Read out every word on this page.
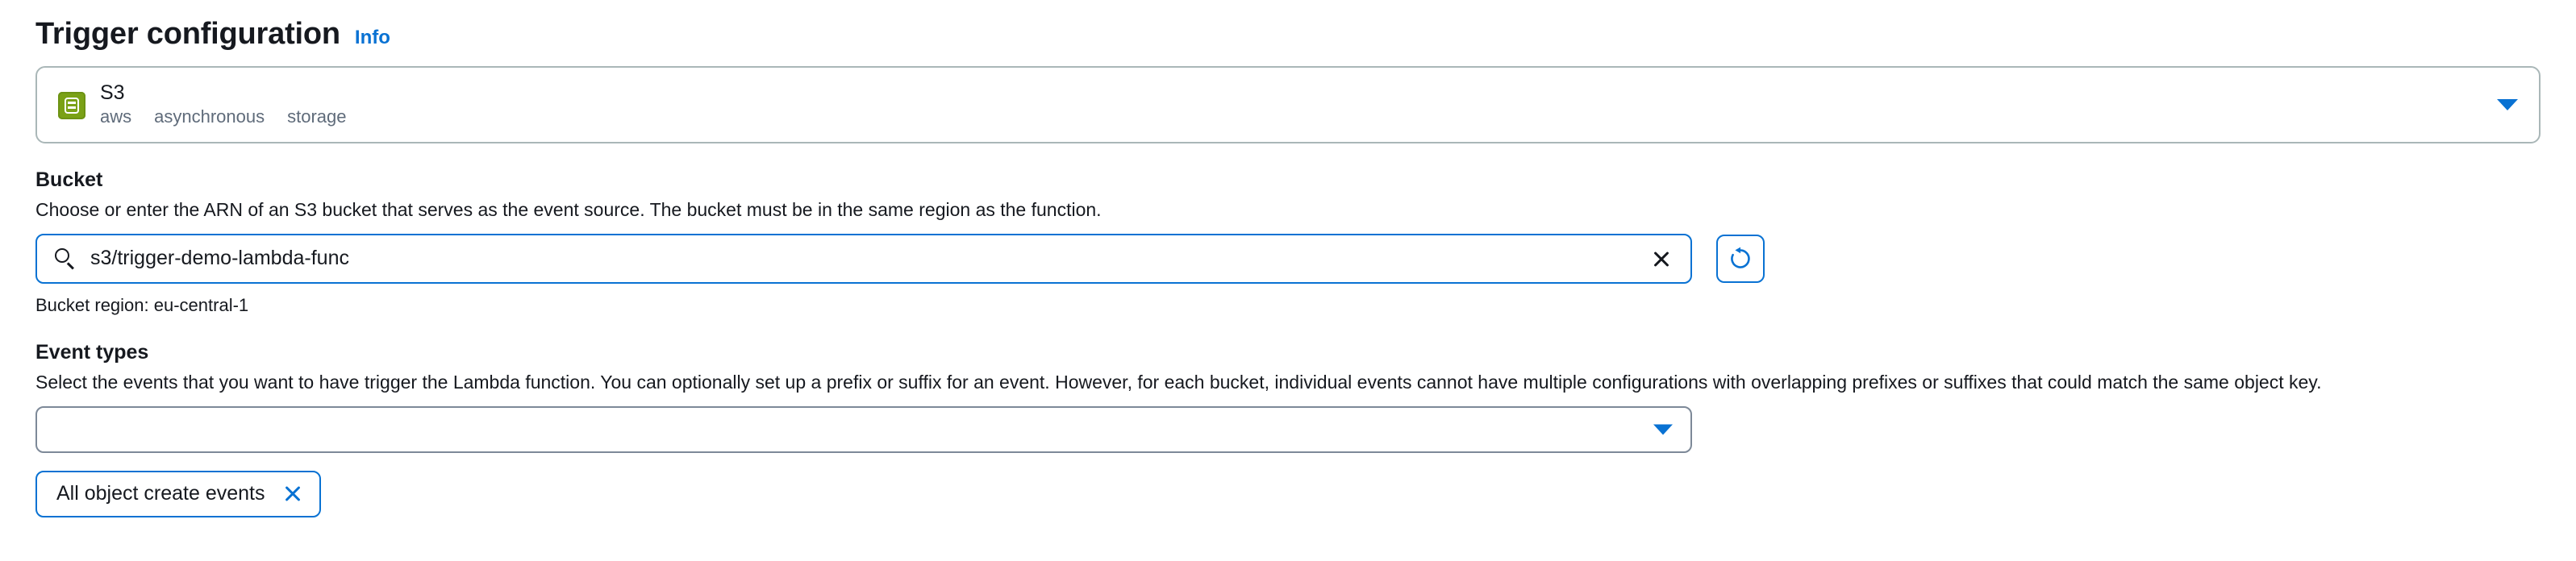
Trigger configuration Info
S3
aws asynchronous storage
Bucket
Choose or enter the ARN of an S3 bucket that serves as the event source. The bucket must be in the same region as the function.
s3/trigger-demo-lambda-func
Bucket region: eu-central-1
Event types
Select the events that you want to have trigger the Lambda function. You can optionally set up a prefix or suffix for an event. However, for each bucket, individual events cannot have multiple configurations with overlapping prefixes or suffixes that could match the same object key.
All object create events
